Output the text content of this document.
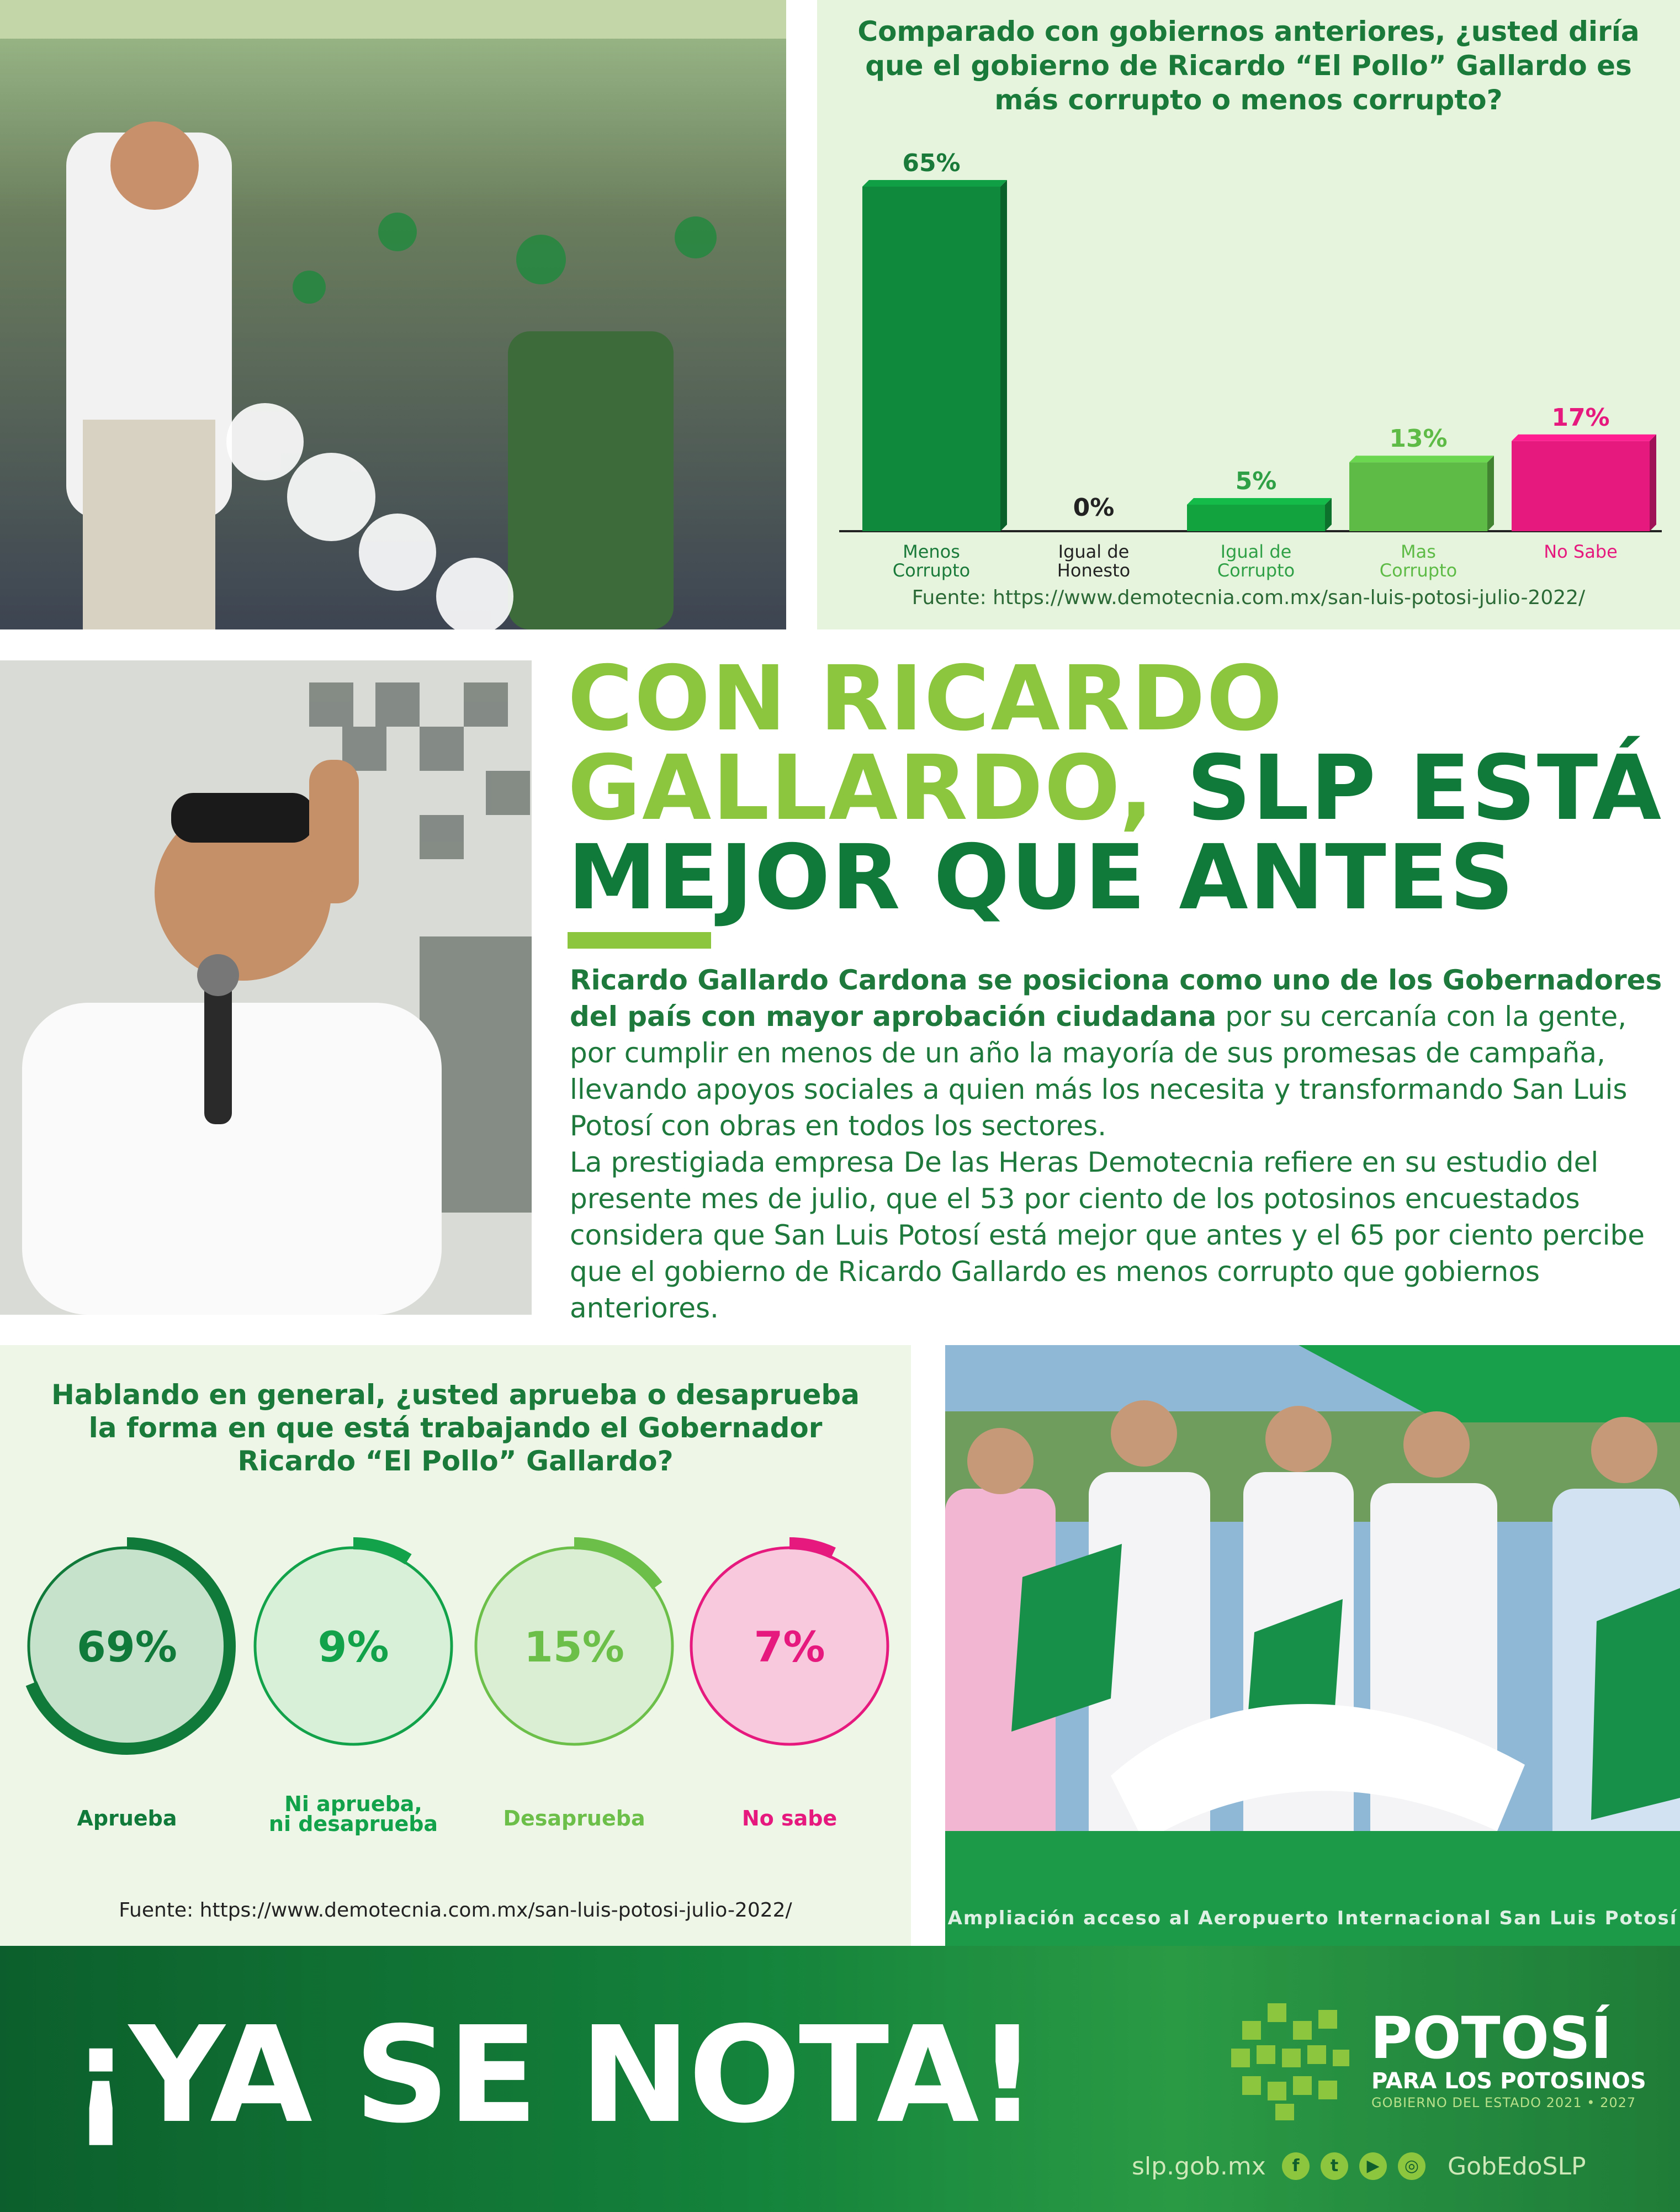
Comparado con gobiernos anteriores, ¿usted diría que el gobierno de Ricardo “El Pollo” Gallardo es más corrupto o menos corrupto?
65%
Menos
Corrupto
0%
Igual de
Honesto
5%
Igual de
Corrupto
13%
Mas
Corrupto
17%
No Sabe
Fuente: https://www.demotecnia.com.mx/san-luis-potosi-julio-2022/
CON RICARDO
GALLARDO, SLP ESTÁ
MEJOR QUE ANTES
Ricardo Gallardo Cardona se posiciona como uno de los Gobernadores del país con mayor aprobación ciudadana por su cercanía con la gente, por cumplir en menos de un año la mayoría de sus promesas de campaña, llevando apoyos sociales a quien más los necesita y transformando San Luis Potosí con obras en todos los sectores.
La prestigiada empresa De las Heras Demotecnia refiere en su estudio del presente mes de julio, que el 53 por ciento de los potosinos encuestados considera que San Luis Potosí está mejor que antes y el 65 por ciento percibe que el gobierno de Ricardo Gallardo es menos corrupto que gobiernos anteriores.
Hablando en general, ¿usted aprueba o desaprueba la forma en que está trabajando el Gobernador Ricardo “El Pollo” Gallardo?
69%
Aprueba
9%
Ni aprueba,
ni desaprueba
15%
Desaprueba
7%
No sabe
Fuente: https://www.demotecnia.com.mx/san-luis-potosi-julio-2022/	Ampliación acceso al Aeropuerto Internacional San Luis Potosí
¡YA SE NOTA!	POTOSÍ
PARA LOS POTOSINOS
GOBIERNO DEL ESTADO 2021 • 2027
slp.gob.mx	f	t	▶	◎ GobEdoSLP
